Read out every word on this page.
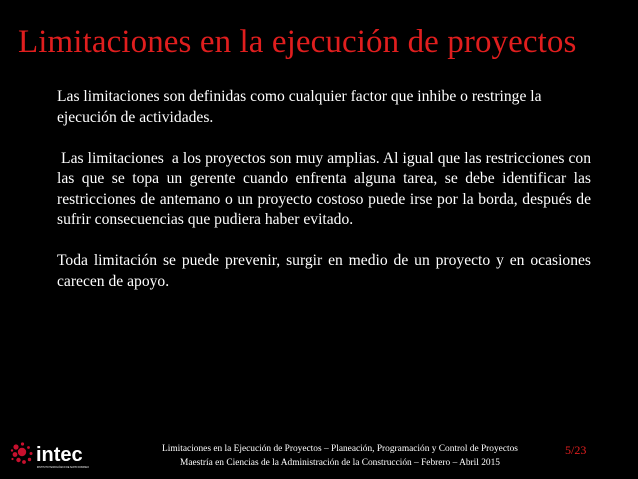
Limitaciones en la ejecución de proyectos

Las limitaciones son definidas como cualquier factor que inhibe o restringe la ejecución de actividades.

Las limitaciones  a los proyectos son muy amplias. Al igual que las restricciones con las que se topa un gerente cuando enfrenta alguna tarea, se debe identificar las restricciones de antemano o un proyecto costoso puede irse por la borda, después de sufrir consecuencias que pudiera haber evitado.

Toda limitación se puede prevenir, surgir en medio de un proyecto y en ocasiones carecen de apoyo.

intec
INSTITUTO TECNOLÓGICO DE SANTO DOMINGO
Limitaciones en la Ejecución de Proyectos – Planeación, Programación y Control de Proyectos
Maestría en Ciencias de la Administración de la Construcción – Febrero – Abril 2015
5/23
